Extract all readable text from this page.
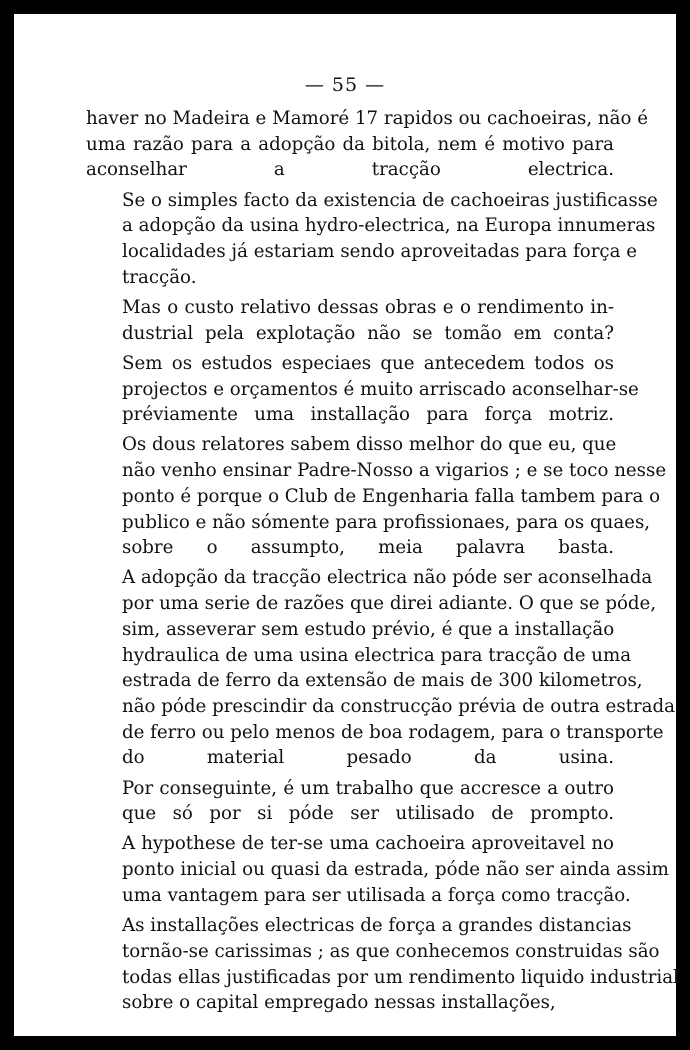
— 55 —

haver no Madeira e Mamoré 17 rapidos ou cachoeiras, não é
uma razão para a adopção da bitola, nem é motivo para
aconselhar a tracção electrica.

Se o simples facto da existencia de cachoeiras justificasse
a adopção da usina hydro-electrica, na Europa innumeras
localidades já estariam sendo aproveitadas para força e
tracção.

Mas o custo relativo dessas obras e o rendimento in-
dustrial pela explotação não se tomão em conta?

Sem os estudos especiaes que antecedem todos os
projectos e orçamentos é muito arriscado aconselhar-se
préviamente uma installação para força motriz.

Os dous relatores sabem disso melhor do que eu, que
não venho ensinar Padre-Nosso a vigarios ; e se toco nesse
ponto é porque o Club de Engenharia falla tambem para o
publico e não sómente para profissionaes, para os quaes,
sobre o assumpto, meia palavra basta.

A adopção da tracção electrica não póde ser aconselhada
por uma serie de razões que direi adiante. O que se póde,
sim, asseverar sem estudo prévio, é que a installação
hydraulica de uma usina electrica para tracção de uma
estrada de ferro da extensão de mais de 300 kilometros,
não póde prescindir da construcção prévia de outra estrada
de ferro ou pelo menos de boa rodagem, para o transporte
do material pesado da usina.

Por conseguinte, é um trabalho que accresce a outro
que só por si póde ser utilisado de prompto.

A hypothese de ter-se uma cachoeira aproveitavel no
ponto inicial ou quasi da estrada, póde não ser ainda assim
uma vantagem para ser utilisada a força como tracção.

As installações electricas de força a grandes distancias
tornão-se carissimas ; as que conhecemos construidas são
todas ellas justificadas por um rendimento liquido industrial
sobre o capital empregado nessas installações,
